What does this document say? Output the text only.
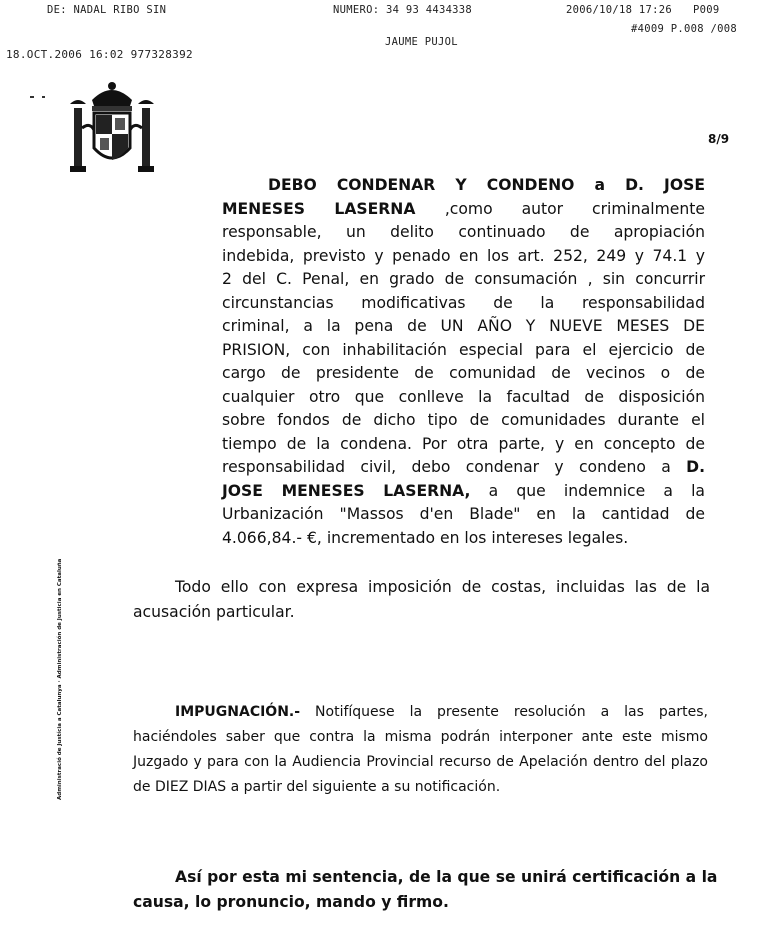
DE: NADAL RIBO SIN	NUMERO: 34 93 4434338	2006/10/18 17:26 P009
JAUME PUJOL
#4009 P.008 /008
18.OCT.2006 16:02 977328392
8/9
Administració de Justícia a Catalunya · Administración de Justicia en Cataluña
DEBO CONDENAR Y CONDENO a D. JOSE
MENESES LASERNA ,como autor criminalmente
responsable, un delito continuado de apropiación
indebida, previsto y penado en los art. 252, 249 y 74.1 y
2 del C. Penal, en grado de consumación , sin concurrir
circunstancias modificativas de la responsabilidad
criminal, a la pena de UN AÑO Y NUEVE MESES DE
PRISION, con inhabilitación especial para el ejercicio de
cargo de presidente de comunidad de vecinos o de
cualquier otro que conlleve la facultad de disposición
sobre fondos de dicho tipo de comunidades durante el
tiempo de la condena. Por otra parte, y en concepto de
responsabilidad civil, debo condenar y condeno a D.
JOSE MENESES LASERNA, a que indemnice a la
Urbanización "Massos d'en Blade" en la cantidad de
4.066,84.- €, incrementado en los intereses legales.
Todo ello con expresa imposición de costas, incluidas las de la
acusación particular.
IMPUGNACIÓN.- Notifíquese la presente resolución a las partes,
haciéndoles saber que contra la misma podrán interponer ante este mismo
Juzgado y para con la Audiencia Provincial recurso de Apelación dentro del plazo
de DIEZ DIAS a partir del siguiente a su notificación.
Así por esta mi sentencia, de la que se unirá certificación a la
causa, lo pronuncio, mando y firmo.
